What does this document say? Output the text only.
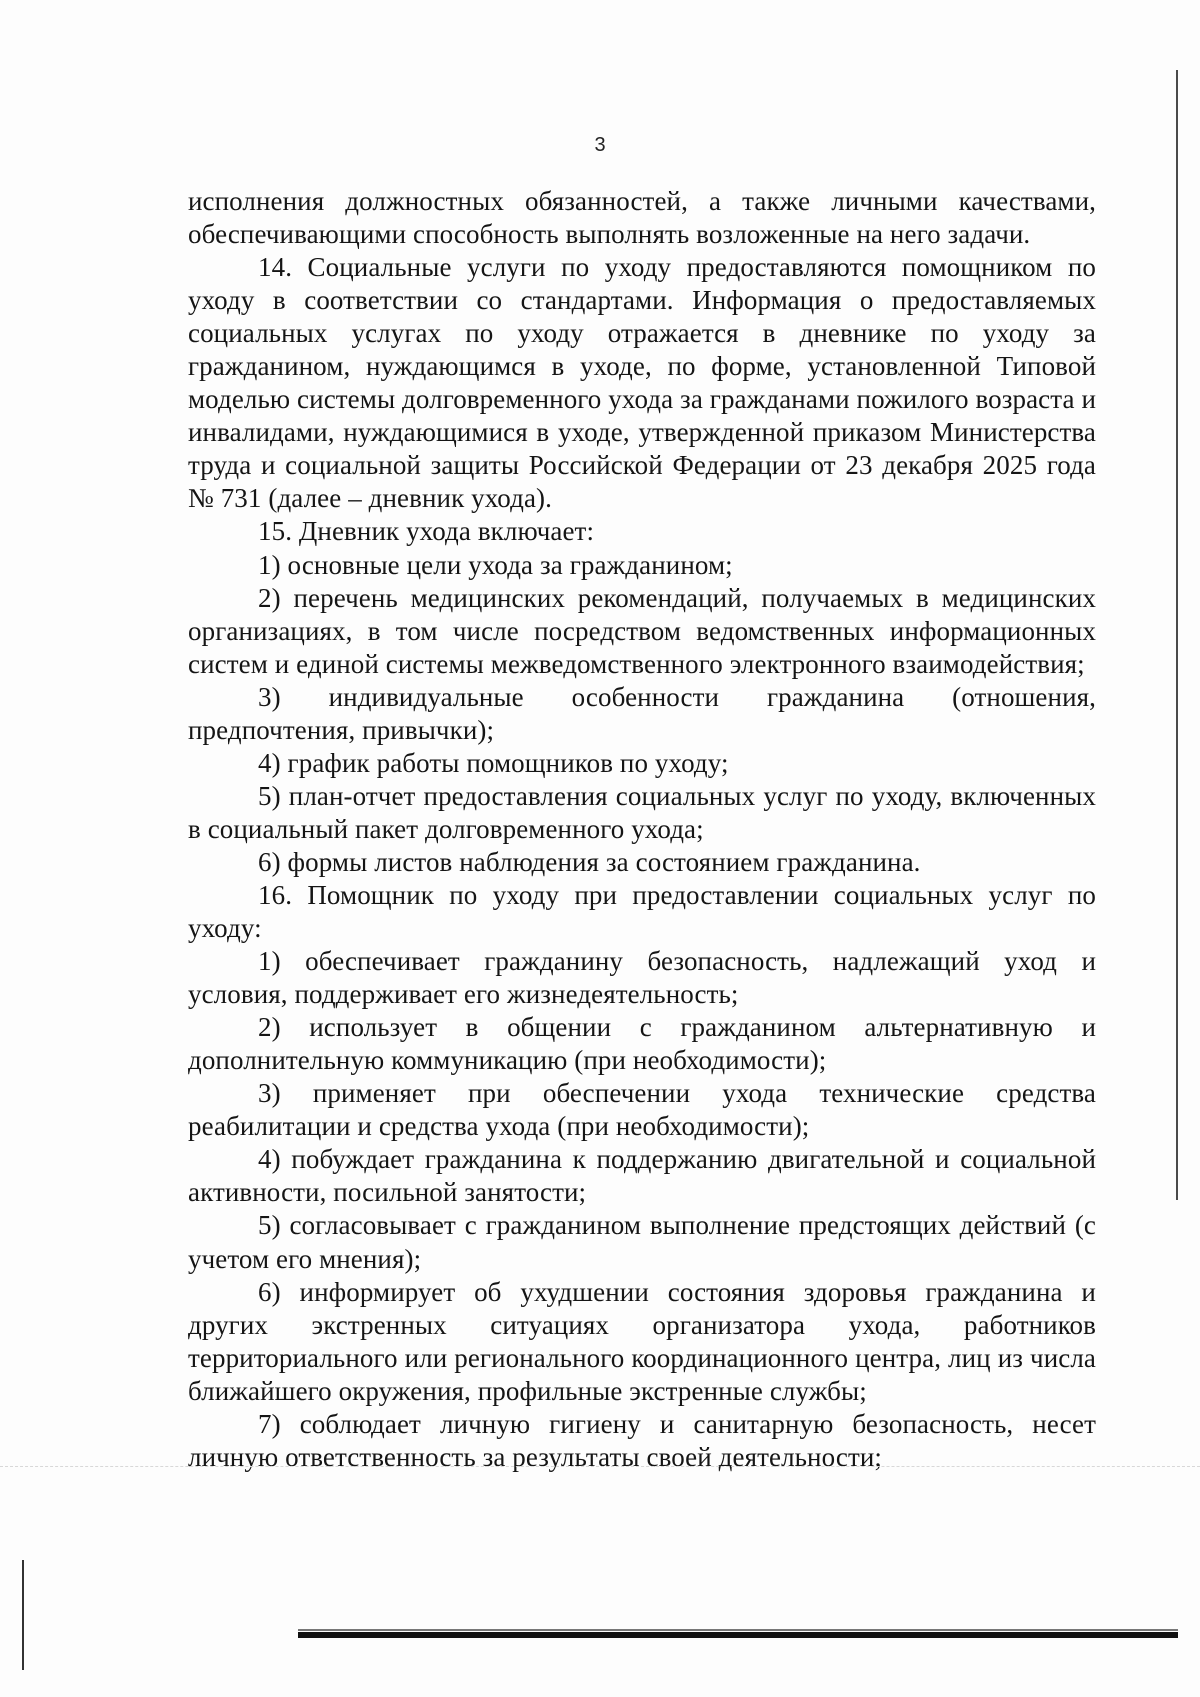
3

исполнения должностных обязанностей, а также личными качествами, обеспечивающими способность выполнять возложенные на него задачи.

14. Социальные услуги по уходу предоставляются помощником по уходу в соответствии со стандартами. Информация о предоставляемых социальных услугах по уходу отражается в дневнике по уходу за гражданином, нуждающимся в уходе, по форме, установленной Типовой моделью системы долговременного ухода за гражданами пожилого возраста и инвалидами, нуждающимися в уходе, утвержденной приказом Министерства труда и социальной защиты Российской Федерации от 23 декабря 2025 года № 731 (далее – дневник ухода).

15. Дневник ухода включает:

1) основные цели ухода за гражданином;

2) перечень медицинских рекомендаций, получаемых в медицинских организациях, в том числе посредством ведомственных информационных систем и единой системы межведомственного электронного взаимодействия;

3) индивидуальные особенности гражданина (отношения, предпочтения, привычки);

4) график работы помощников по уходу;

5) план-отчет предоставления социальных услуг по уходу, включенных в социальный пакет долговременного ухода;

6) формы листов наблюдения за состоянием гражданина.

16. Помощник по уходу при предоставлении социальных услуг по уходу:

1) обеспечивает гражданину безопасность, надлежащий уход и условия, поддерживает его жизнедеятельность;

2) использует в общении с гражданином альтернативную и дополнительную коммуникацию (при необходимости);

3) применяет при обеспечении ухода технические средства реабилитации и средства ухода (при необходимости);

4) побуждает гражданина к поддержанию двигательной и социальной активности, посильной занятости;

5) согласовывает с гражданином выполнение предстоящих действий (с учетом его мнения);

6) информирует об ухудшении состояния здоровья гражданина и других экстренных ситуациях организатора ухода, работников территориального или регионального координационного центра, лиц из числа ближайшего окружения, профильные экстренные службы;

7) соблюдает личную гигиену и санитарную безопасность, несет личную ответственность за результаты своей деятельности;
